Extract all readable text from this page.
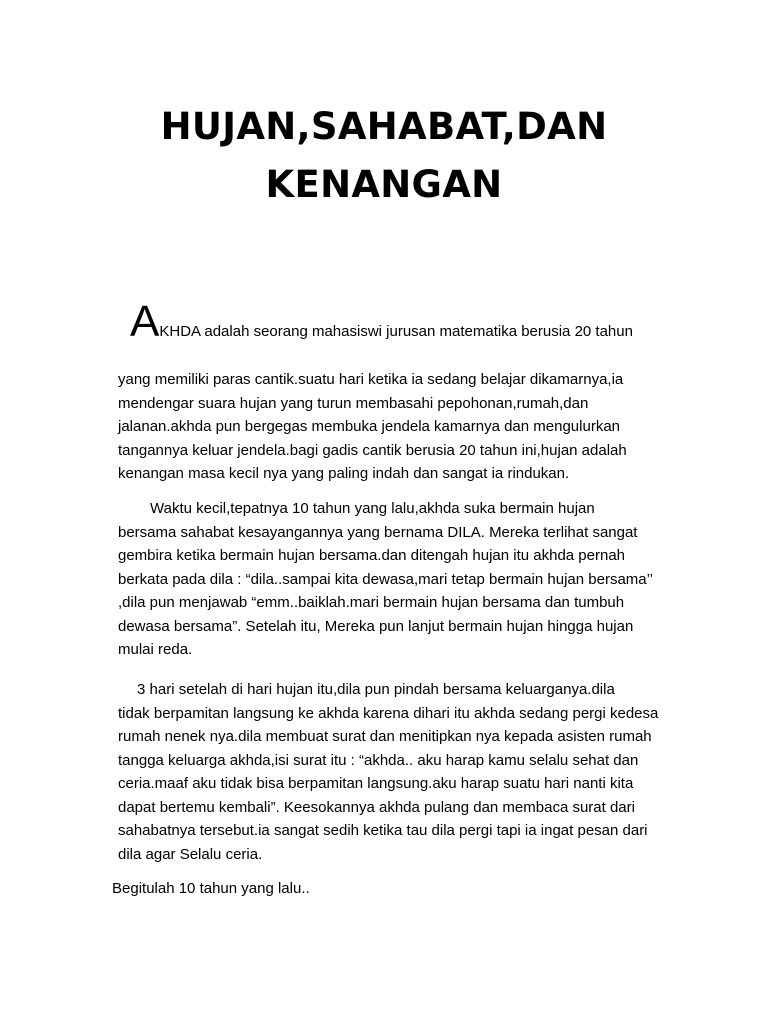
HUJAN,SAHABAT,DAN
KENANGAN
AKHDA adalah seorang mahasiswi jurusan matematika berusia 20 tahun
yang memiliki paras cantik.suatu hari ketika ia sedang belajar dikamarnya,ia
mendengar suara hujan yang turun membasahi pepohonan,rumah,dan
jalanan.akhda pun bergegas membuka jendela kamarnya dan mengulurkan
tangannya keluar jendela.bagi gadis cantik berusia 20 tahun ini,hujan adalah
kenangan masa kecil nya yang paling indah dan sangat ia rindukan.
Waktu kecil,tepatnya 10 tahun yang lalu,akhda suka bermain hujan
bersama sahabat kesayangannya yang bernama DILA. Mereka terlihat sangat
gembira ketika bermain hujan bersama.dan ditengah hujan itu akhda pernah
berkata pada dila : “dila..sampai kita dewasa,mari tetap bermain hujan bersama’’
,dila pun menjawab “emm..baiklah.mari bermain hujan bersama dan tumbuh
dewasa bersama”. Setelah itu, Mereka pun lanjut bermain hujan hingga hujan
mulai reda.
3 hari setelah di hari hujan itu,dila pun pindah bersama keluarganya.dila
tidak berpamitan langsung ke akhda karena dihari itu akhda sedang pergi kedesa
rumah nenek nya.dila membuat surat dan menitipkan nya kepada asisten rumah
tangga keluarga akhda,isi surat itu : “akhda.. aku harap kamu selalu sehat dan
ceria.maaf aku tidak bisa berpamitan langsung.aku harap suatu hari nanti kita
dapat bertemu kembali”. Keesokannya akhda pulang dan membaca surat dari
sahabatnya tersebut.ia sangat sedih ketika tau dila pergi tapi ia ingat pesan dari
dila agar Selalu ceria.
Begitulah 10 tahun yang lalu..
